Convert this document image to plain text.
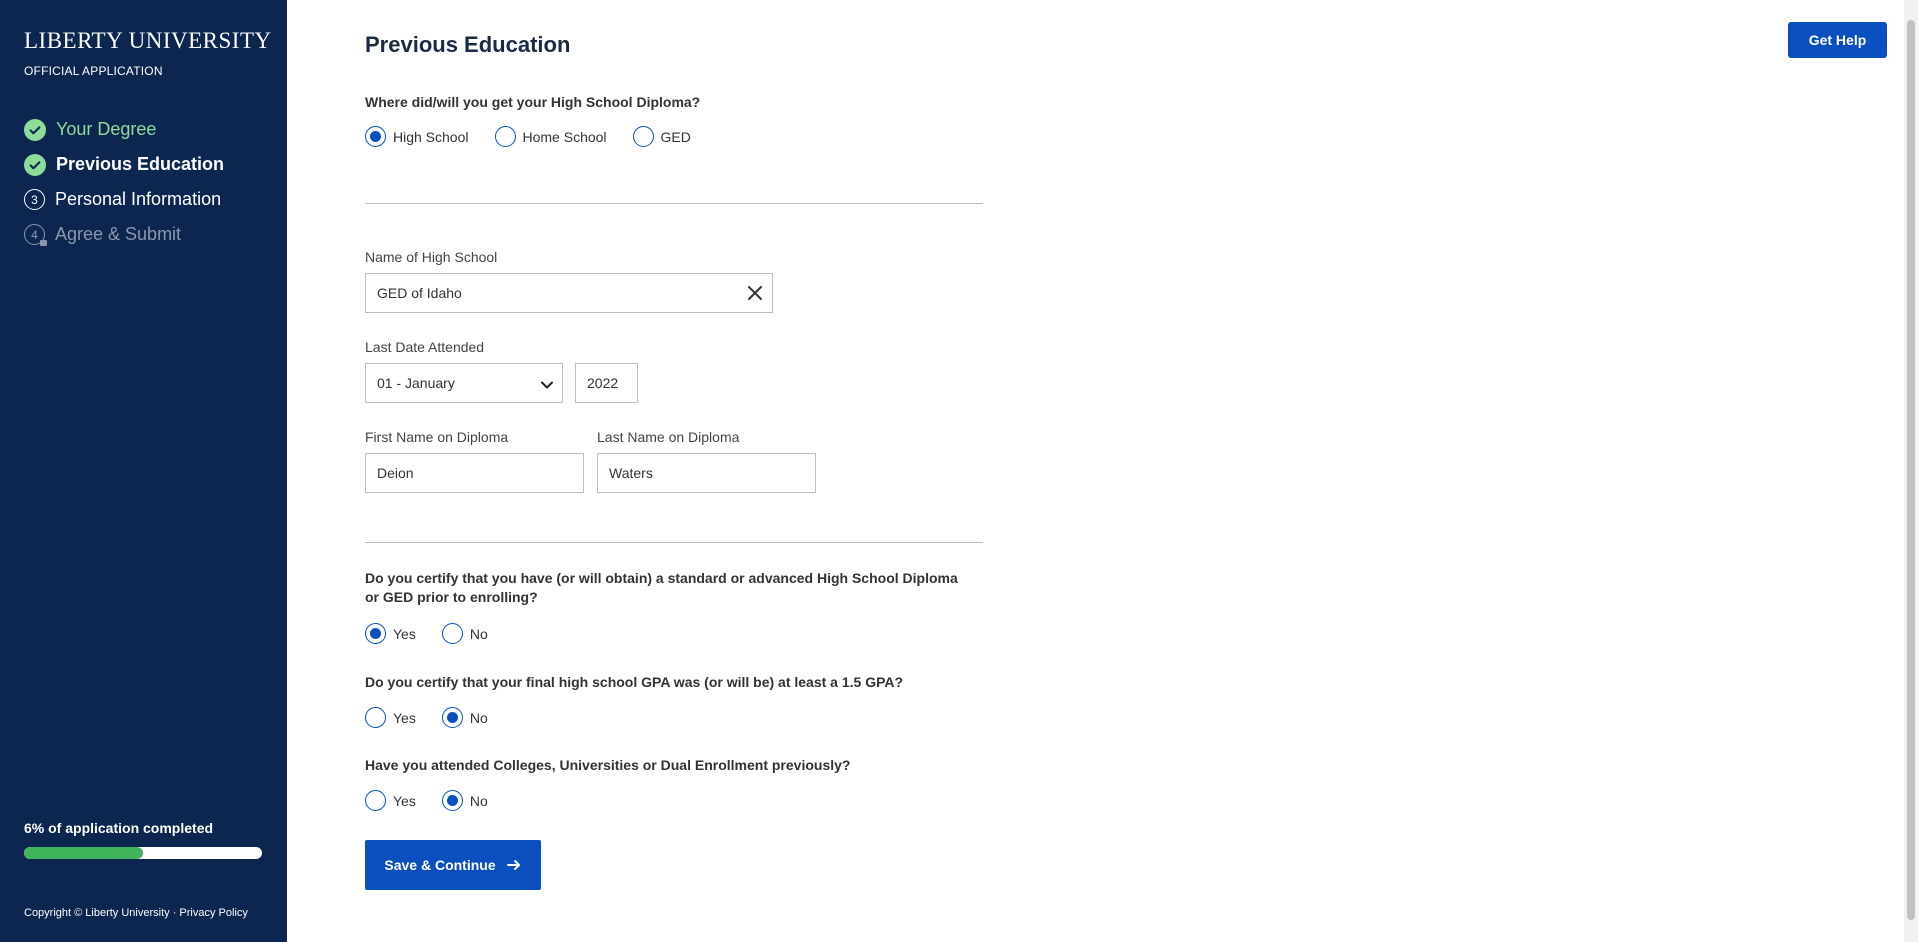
LIBERTY UNIVERSITY
OFFICIAL APPLICATION
Your Degree
Previous Education
3 Personal Information
4 Agree & Submit
6% of application completed
Copyright © Liberty University · Privacy Policy
Get Help
Previous Education
Where did/will you get your High School Diploma?
High School	Home School	GED
Name of High School
GED of Idaho
Last Date Attended
01 - January	2022
First Name on Diploma
Deion
Last Name on Diploma
Waters
Do you certify that you have (or will obtain) a standard or advanced High School Diploma or GED prior to enrolling?
Yes	No
Do you certify that your final high school GPA was (or will be) at least a 1.5 GPA?
Yes	No
Have you attended Colleges, Universities or Dual Enrollment previously?
Yes	No
Save & Continue
